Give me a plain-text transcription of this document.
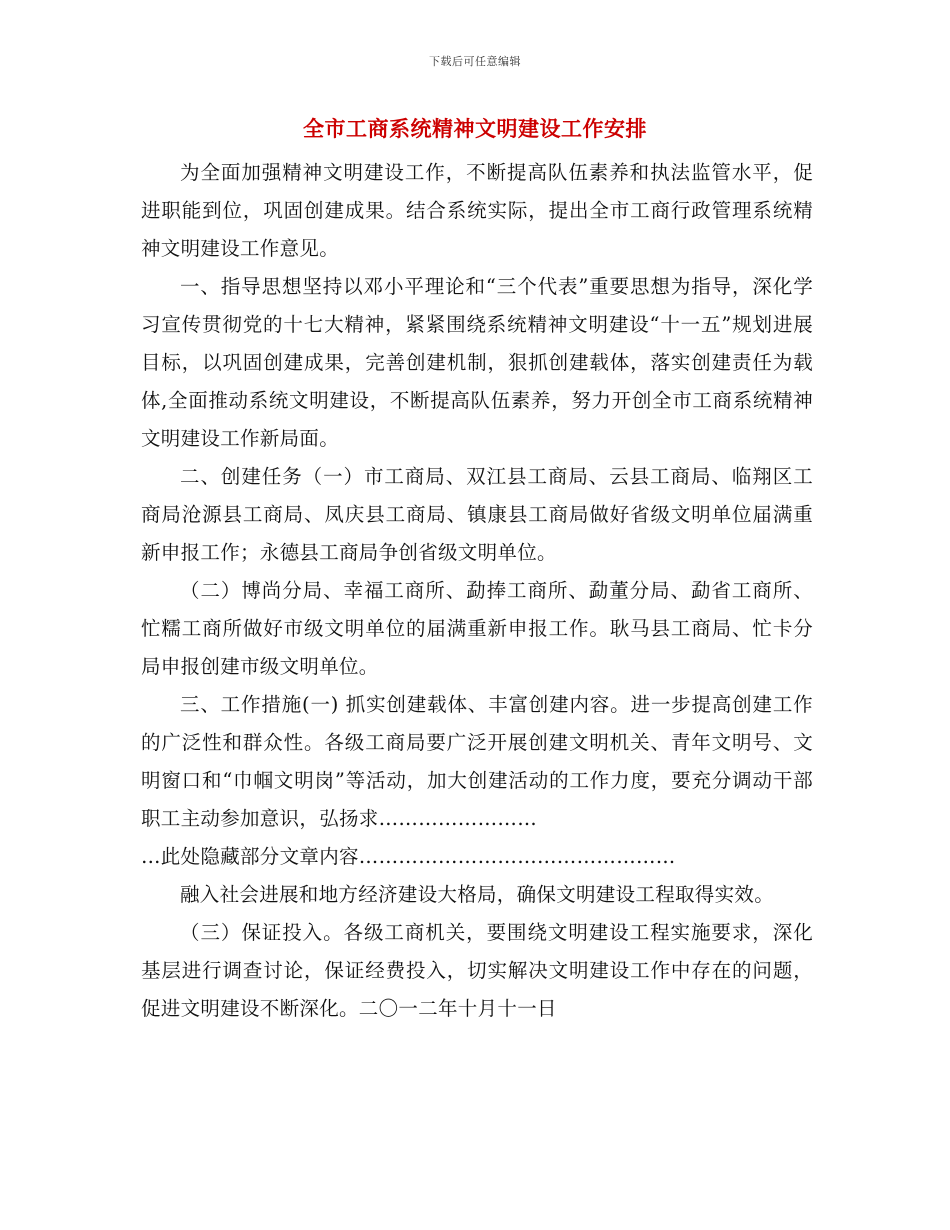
下载后可任意编辑
全市工商系统精神文明建设工作安排

为全面加强精神文明建设工作，不断提高队伍素养和执法监管水平，促进职能到位，巩固创建成果。结合系统实际，提出全市工商行政管理系统精神文明建设工作意见。

一、指导思想坚持以邓小平理论和“三个代表”重要思想为指导，深化学习宣传贯彻党的十七大精神，紧紧围绕系统精神文明建设“十一五”规划进展目标，以巩固创建成果，完善创建机制，狠抓创建载体，落实创建责任为载体,全面推动系统文明建设，不断提高队伍素养，努力开创全市工商系统精神文明建设工作新局面。

二、创建任务（一）市工商局、双江县工商局、云县工商局、临翔区工商局沧源县工商局、凤庆县工商局、镇康县工商局做好省级文明单位届满重新申报工作；永德县工商局争创省级文明单位。

（二）博尚分局、幸福工商所、勐捧工商所、勐董分局、勐省工商所、忙糯工商所做好市级文明单位的届满重新申报工作。耿马县工商局、忙卡分局申报创建市级文明单位。

三、工作措施(一) 抓实创建载体、丰富创建内容。进一步提高创建工作的广泛性和群众性。各级工商局要广泛开展创建文明机关、青年文明号、文明窗口和“巾帼文明岗”等活动，加大创建活动的工作力度，要充分调动干部职工主动参加意识，弘扬求……………………

…此处隐藏部分文章内容…………………………………………

融入社会进展和地方经济建设大格局，确保文明建设工程取得实效。

（三）保证投入。各级工商机关，要围绕文明建设工程实施要求，深化基层进行调查讨论，保证经费投入，切实解决文明建设工作中存在的问题，促进文明建设不断深化。二〇一二年十月十一日
